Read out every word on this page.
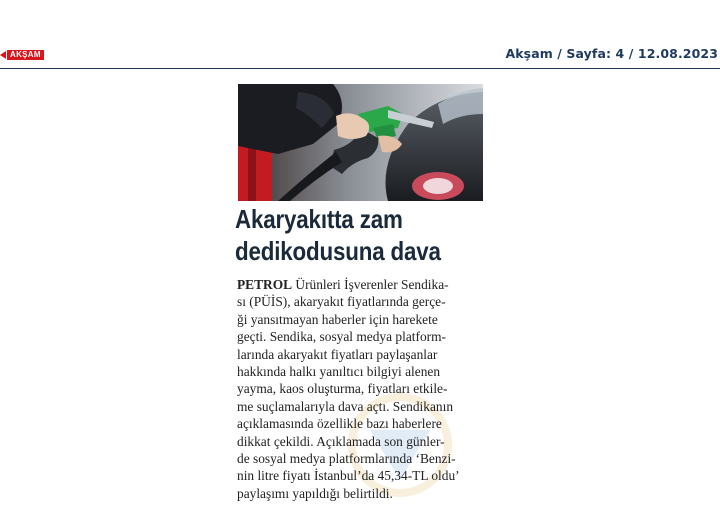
AKŞAM	Akşam / Sayfa: 4 / 12.08.2023
Akaryakıtta zam
dedikodusuna dava
PETROL Ürünleri İşverenler Sendika-
sı (PÜİS), akaryakıt fiyatlarında gerçe-
ği yansıtmayan haberler için harekete
geçti. Sendika, sosyal medya platform-
larında akaryakıt fiyatları paylaşanlar
hakkında halkı yanıltıcı bilgiyi alenen
yayma, kaos oluşturma, fiyatları etkile-
me suçlamalarıyla dava açtı. Sendikanın
açıklamasında özellikle bazı haberlere
dikkat çekildi. Açıklamada son günler-
de sosyal medya platformlarında ‘Benzi-
nin litre fiyatı İstanbul’da 45,34-TL oldu’
paylaşımı yapıldığı belirtildi.
